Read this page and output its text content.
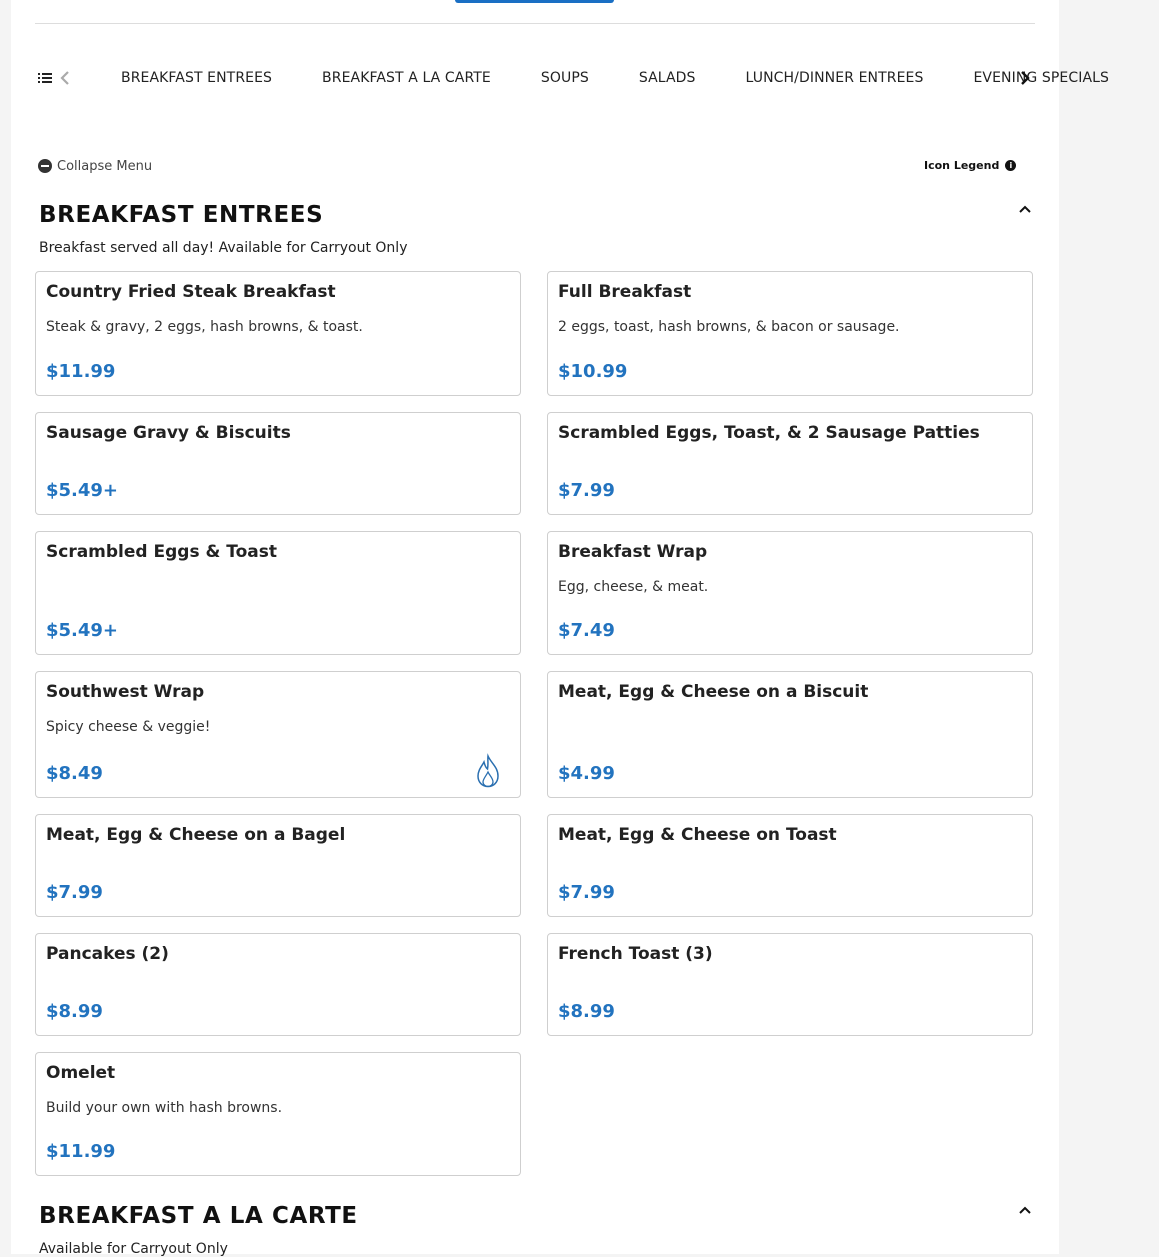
BREAKFAST ENTREES	BREAKFAST A LA CARTE	SOUPS	SALADS	LUNCH/DINNER ENTREES	EVENING SPECIALS
Collapse Menu	Icon Legend	i
BREAKFAST ENTREES
Breakfast served all day! Available for Carryout Only
Country Fried Steak Breakfast
Steak & gravy, 2 eggs, hash browns, & toast.
$11.99
Full Breakfast
2 eggs, toast, hash browns, & bacon or sausage.
$10.99
Sausage Gravy & Biscuits
$5.49+
Scrambled Eggs, Toast, & 2 Sausage Patties
$7.99
Scrambled Eggs & Toast
$5.49+
Breakfast Wrap
Egg, cheese, & meat.
$7.49
Southwest Wrap
Spicy cheese & veggie!
$8.49
Meat, Egg & Cheese on a Biscuit
$4.99
Meat, Egg & Cheese on a Bagel
$7.99
Meat, Egg & Cheese on Toast
$7.99
Pancakes (2)
$8.99
French Toast (3)
$8.99
Omelet
Build your own with hash browns.
$11.99
BREAKFAST A LA CARTE
Available for Carryout Only
